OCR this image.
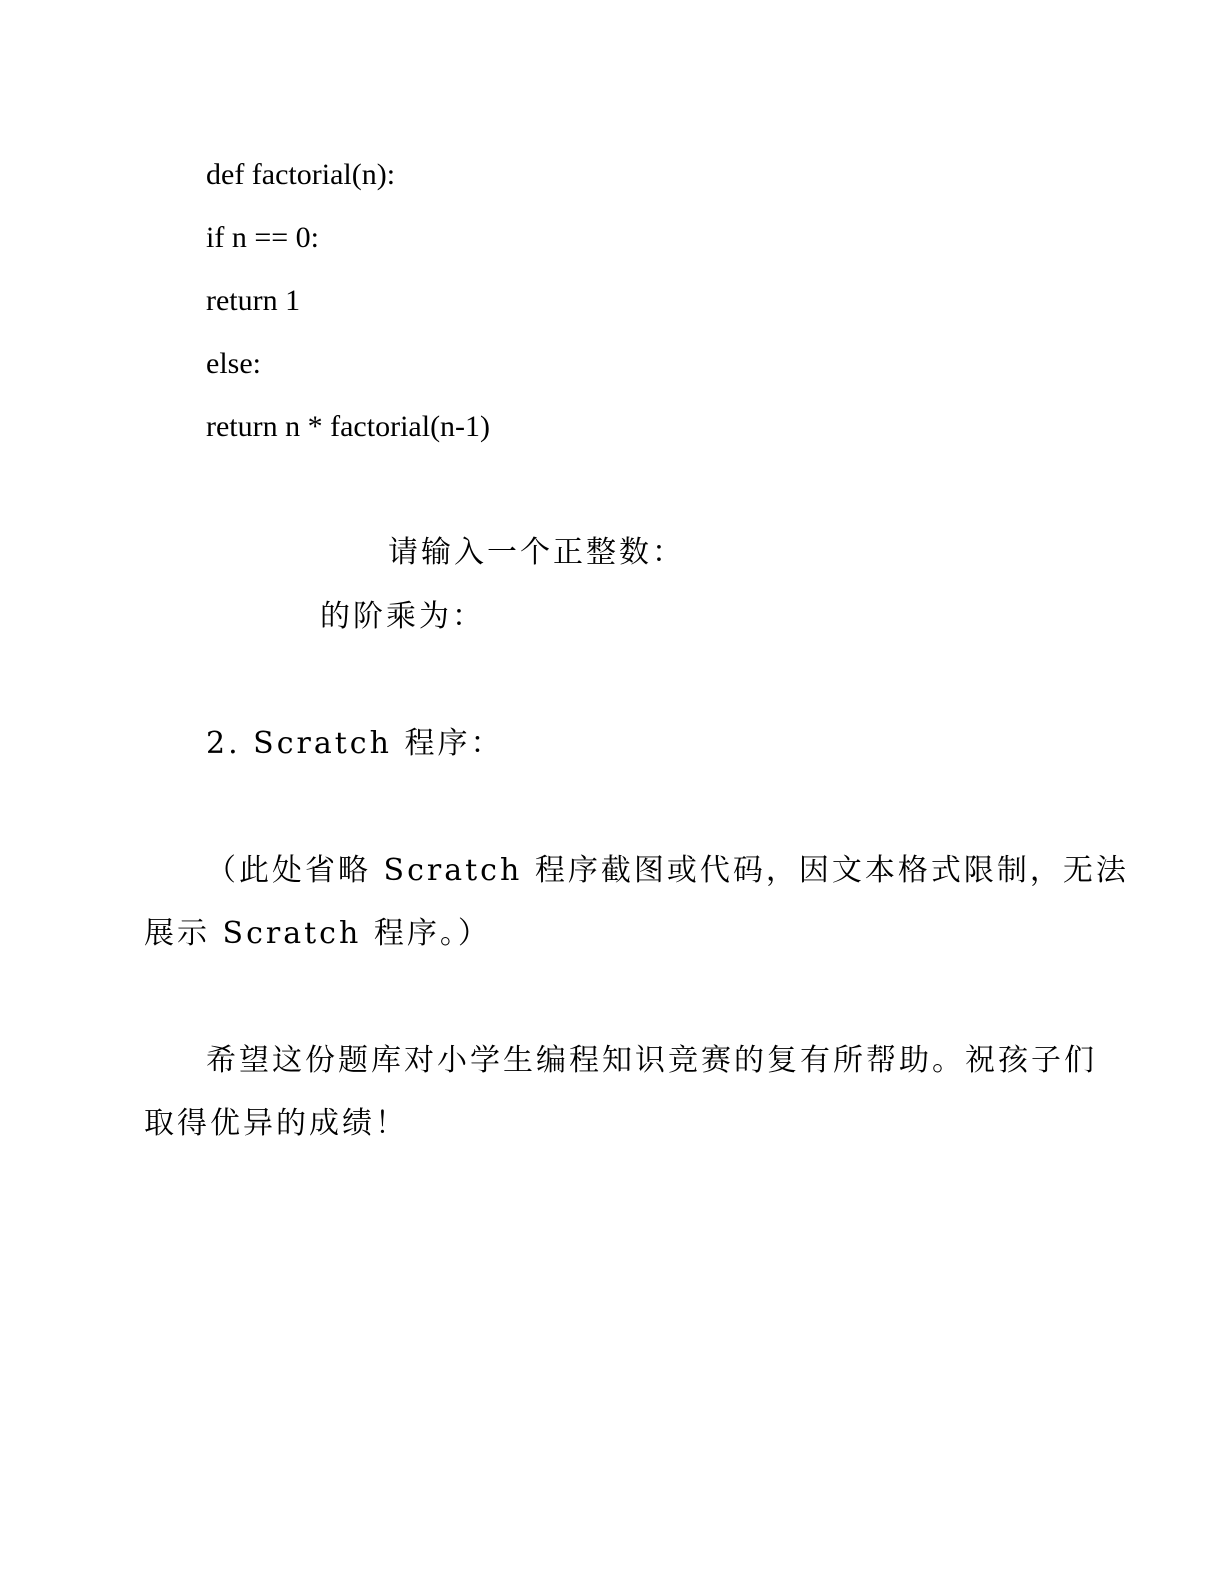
def factorial(n):
if n == 0:
return 1
else:
return n * factorial(n-1)
请输入一个正整数：
的阶乘为：
2. Scratch 程序：
（此处省略 Scratch 程序截图或代码，因文本格式限制，无法
展示 Scratch 程序。）
希望这份题库对小学生编程知识竞赛的复有所帮助。祝孩子们
取得优异的成绩！
